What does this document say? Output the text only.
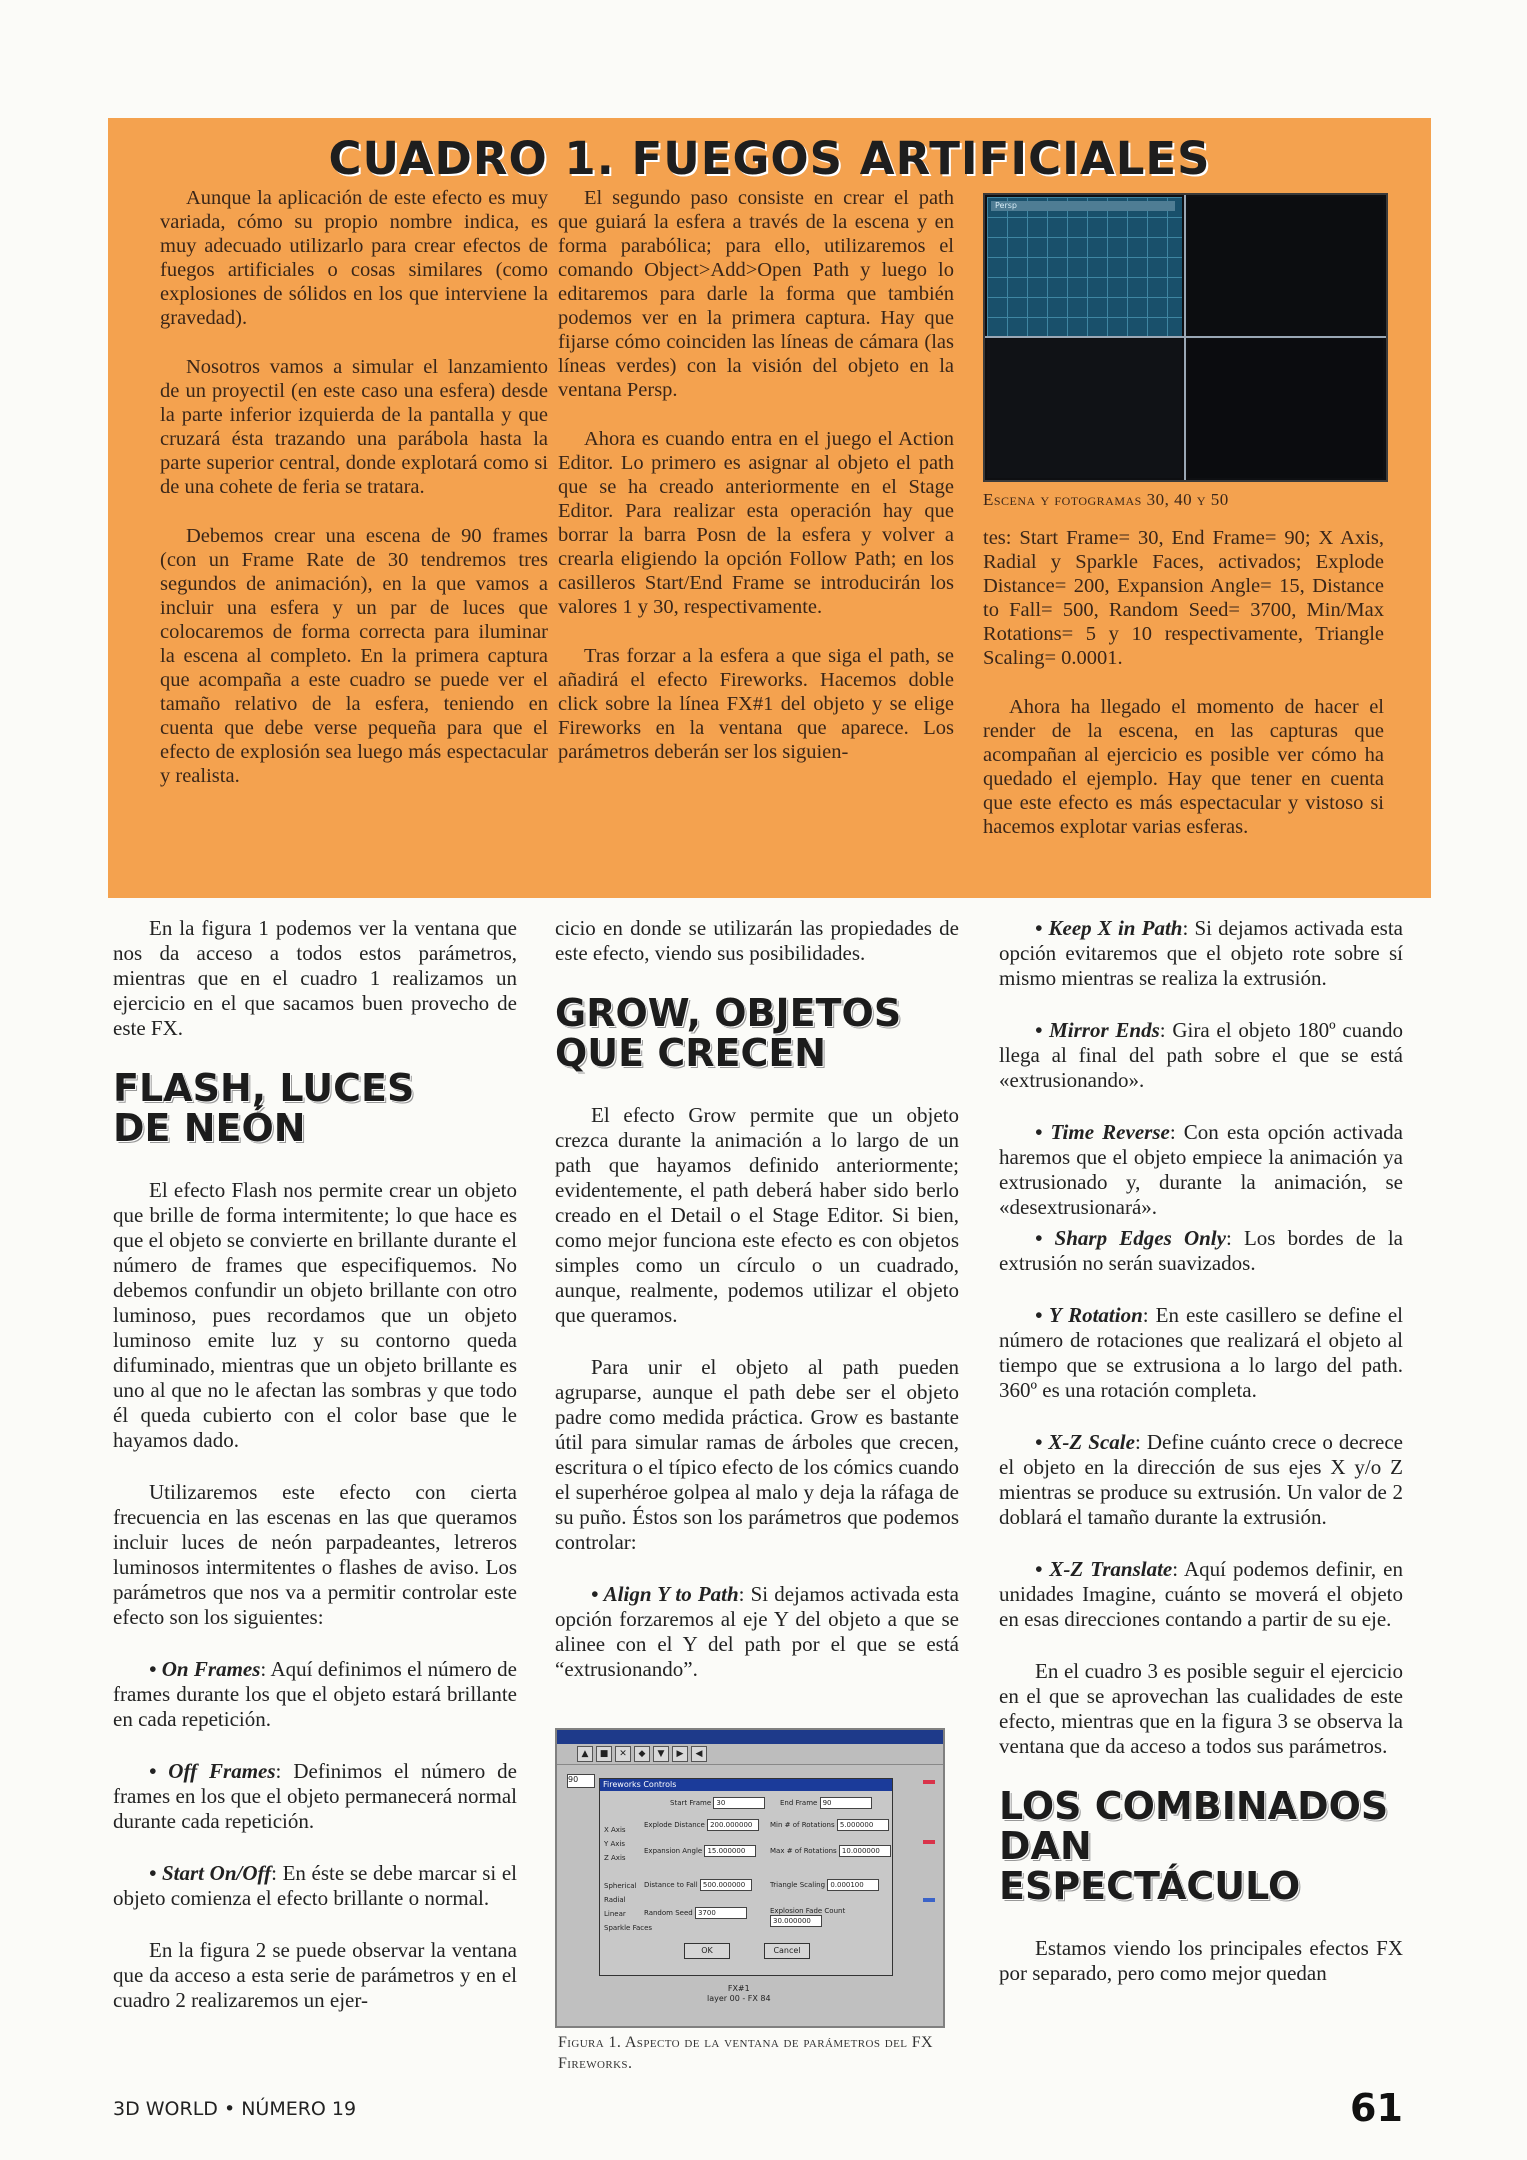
CUADRO 1. FUEGOS ARTIFICIALES

Aunque la aplicación de este efecto es muy variada, cómo su propio nombre indica, es muy adecuado utilizarlo para crear efectos de fuegos artificiales o cosas similares (como explosiones de sólidos en los que interviene la gravedad).

Nosotros vamos a simular el lanzamiento de un proyectil (en este caso una esfera) desde la parte inferior izquierda de la pantalla y que cruzará ésta trazando una parábola hasta la parte superior central, donde explotará como si de una cohete de feria se tratara.

Debemos crear una escena de 90 frames (con un Frame Rate de 30 tendremos tres segundos de animación), en la que vamos a incluir una esfera y un par de luces que colocaremos de forma correcta para iluminar la escena al completo. En la primera captura que acompaña a este cuadro se puede ver el tamaño relativo de la esfera, teniendo en cuenta que debe verse pequeña para que el efecto de explosión sea luego más espectacular y realista.

El segundo paso consiste en crear el path que guiará la esfera a través de la escena y en forma parabólica; para ello, utilizaremos el comando Object>Add>Open Path y luego lo editaremos para darle la forma que también podemos ver en la primera captura. Hay que fijarse cómo coinciden las líneas de cámara (las líneas verdes) con la visión del objeto en la ventana Persp.

Ahora es cuando entra en el juego el Action Editor. Lo primero es asignar al objeto el path que se ha creado anteriormente en el Stage Editor. Para realizar esta operación hay que borrar la barra Posn de la esfera y volver a crearla eligiendo la opción Follow Path; en los casilleros Start/End Frame se introducirán los valores 1 y 30, respectivamente.

Tras forzar a la esfera a que siga el path, se añadirá el efecto Fireworks. Hacemos doble click sobre la línea FX#1 del objeto y se elige Fireworks en la ventana que aparece. Los parámetros deberán ser los siguien-

Persp
Escena y fotogramas 30, 40 y 50

tes: Start Frame= 30, End Frame= 90; X Axis, Radial y Sparkle Faces, activados; Explode Distance= 200, Expansion Angle= 15, Distance to Fall= 500, Random Seed= 3700, Min/Max Rotations= 5 y 10 respectivamente, Triangle Scaling= 0.0001.

Ahora ha llegado el momento de hacer el render de la escena, en las capturas que acompañan al ejercicio es posible ver cómo ha quedado el ejemplo. Hay que tener en cuenta que este efecto es más espectacular y vistoso si hacemos explotar varias esferas.

En la figura 1 podemos ver la ventana que nos da acceso a todos estos parámetros, mientras que en el cuadro 1 realizamos un ejercicio en el que sacamos buen provecho de este FX.

FLASH, LUCES
DE NEÓN

El efecto Flash nos permite crear un objeto que brille de forma intermitente; lo que hace es que el objeto se convierte en brillante durante el número de frames que especifiquemos. No debemos confundir un objeto brillante con otro luminoso, pues recordamos que un objeto luminoso emite luz y su contorno queda difuminado, mientras que un objeto brillante es uno al que no le afectan las sombras y que todo él queda cubierto con el color base que le hayamos dado.

Utilizaremos este efecto con cierta frecuencia en las escenas en las que queramos incluir luces de neón parpadeantes, letreros luminosos intermitentes o flashes de aviso. Los parámetros que nos va a permitir controlar este efecto son los siguientes:

• On Frames: Aquí definimos el número de frames durante los que el objeto estará brillante en cada repetición.

• Off Frames: Definimos el número de frames en los que el objeto permanecerá normal durante cada repetición.

• Start On/Off: En éste se debe marcar si el objeto comienza el efecto brillante o normal.

En la figura 2 se puede observar la ventana que da acceso a esta serie de parámetros y en el cuadro 2 realizaremos un ejer-

cicio en donde se utilizarán las propiedades de este efecto, viendo sus posibilidades.

GROW, OBJETOS
QUE CRECEN

El efecto Grow permite que un objeto crezca durante la animación a lo largo de un path que hayamos definido anteriormente; evidentemente, el path deberá haber sido berlo creado en el Detail o el Stage Editor. Si bien, como mejor funciona este efecto es con objetos simples como un círculo o un cuadrado, aunque, realmente, podemos utilizar el objeto que queramos.

Para unir el objeto al path pueden agruparse, aunque el path debe ser el objeto padre como medida práctica. Grow es bastante útil para simular ramas de árboles que crecen, escritura o el típico efecto de los cómics cuando el superhéroe golpea al malo y deja la ráfaga de su puño. Éstos son los parámetros que podemos controlar:

• Align Y to Path: Si dejamos activada esta opción forzaremos al eje Y del objeto a que se alinee con el Y del path por el que se está “extrusionando”.

▲	■	✕	◆	▼	▶	◀
90
Fireworks Controls
Start Frame 30	End Frame 90
X Axis
Y Axis
Z Axis
Spherical
Radial
Linear
Sparkle Faces
Explode Distance 200.000000	Min # of Rotations 5.000000
Expansion Angle 15.000000	Max # of Rotations 10.000000
Distance to Fall 500.000000	Triangle Scaling 0.000100
Random Seed 3700	Explosion Fade Count 30.000000
OK	Cancel
FX#1
layer 00 - FX 84
Figura 1. Aspecto de la ventana de parámetros del FX Fireworks.

• Keep X in Path: Si dejamos activada esta opción evitaremos que el objeto rote sobre sí mismo mientras se realiza la extrusión.

• Mirror Ends: Gira el objeto 180º cuando llega al final del path sobre el que se está «extrusionando».

• Time Reverse: Con esta opción activada haremos que el objeto empiece la animación ya extrusionado y, durante la animación, se «desextrusionará».

• Sharp Edges Only: Los bordes de la extrusión no serán suavizados.

• Y Rotation: En este casillero se define el número de rotaciones que realizará el objeto al tiempo que se extrusiona a lo largo del path. 360º es una rotación completa.

• X-Z Scale: Define cuánto crece o decrece el objeto en la dirección de sus ejes X y/o Z mientras se produce su extrusión. Un valor de 2 doblará el tamaño durante la extrusión.

• X-Z Translate: Aquí podemos definir, en unidades Imagine, cuánto se moverá el objeto en esas direcciones contando a partir de su eje.

En el cuadro 3 es posible seguir el ejercicio en el que se aprovechan las cualidades de este efecto, mientras que en la figura 3 se observa la ventana que da acceso a todos sus parámetros.

LOS COMBINADOS
DAN ESPECTÁCULO

Estamos viendo los principales efectos FX por separado, pero como mejor quedan

3D WORLD • NÚMERO 19	61
